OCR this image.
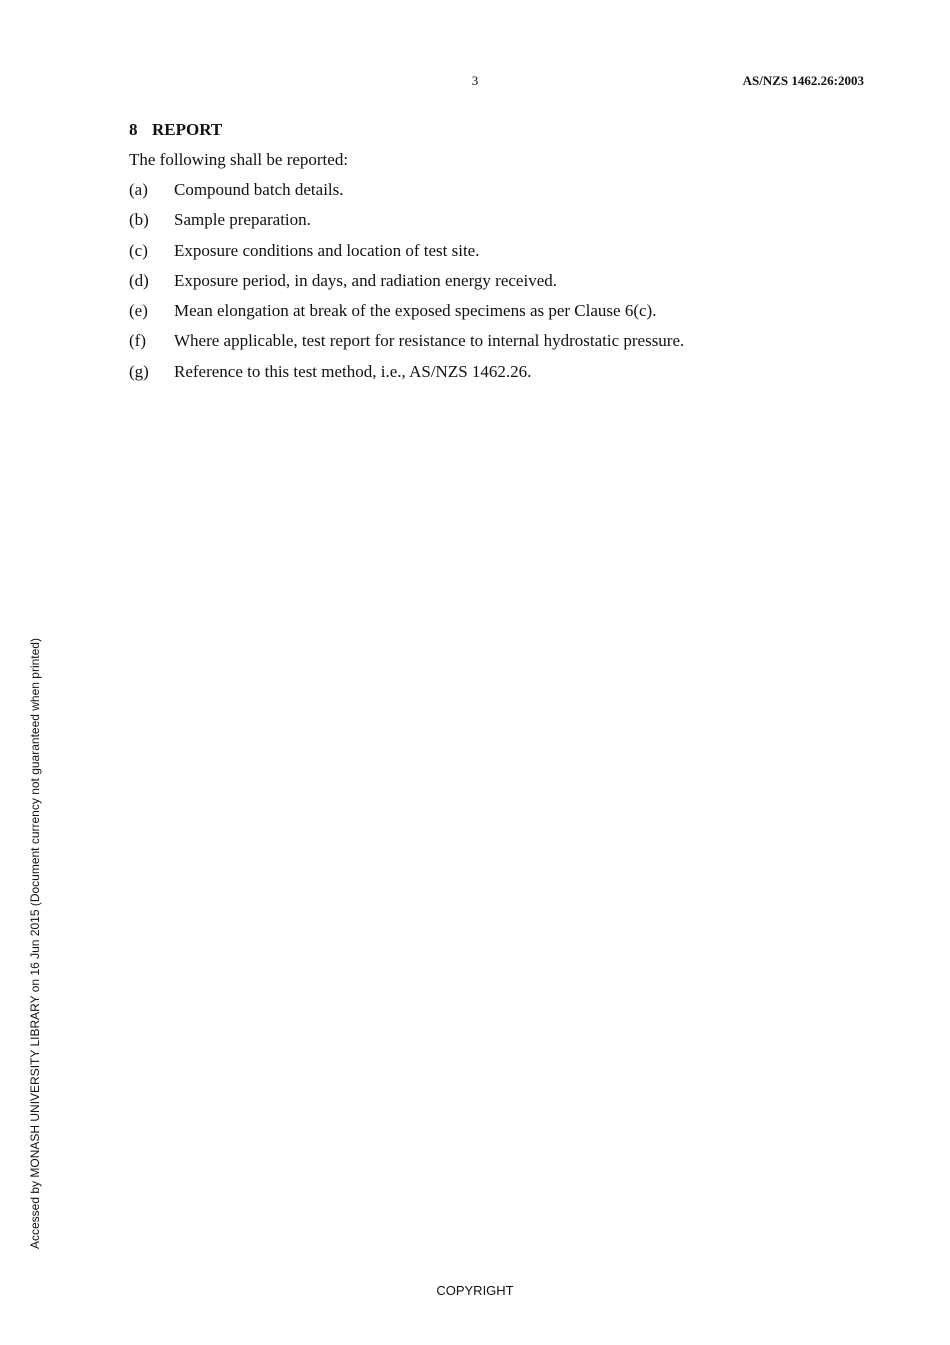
3	AS/NZS 1462.26:2003
8 REPORT
The following shall be reported:
(a) Compound batch details.
(b) Sample preparation.
(c) Exposure conditions and location of test site.
(d) Exposure period, in days, and radiation energy received.
(e) Mean elongation at break of the exposed specimens as per Clause 6(c).
(f) Where applicable, test report for resistance to internal hydrostatic pressure.
(g) Reference to this test method, i.e., AS/NZS 1462.26.
Accessed by MONASH UNIVERSITY LIBRARY on 16 Jun 2015 (Document currency not guaranteed when printed)
COPYRIGHT
